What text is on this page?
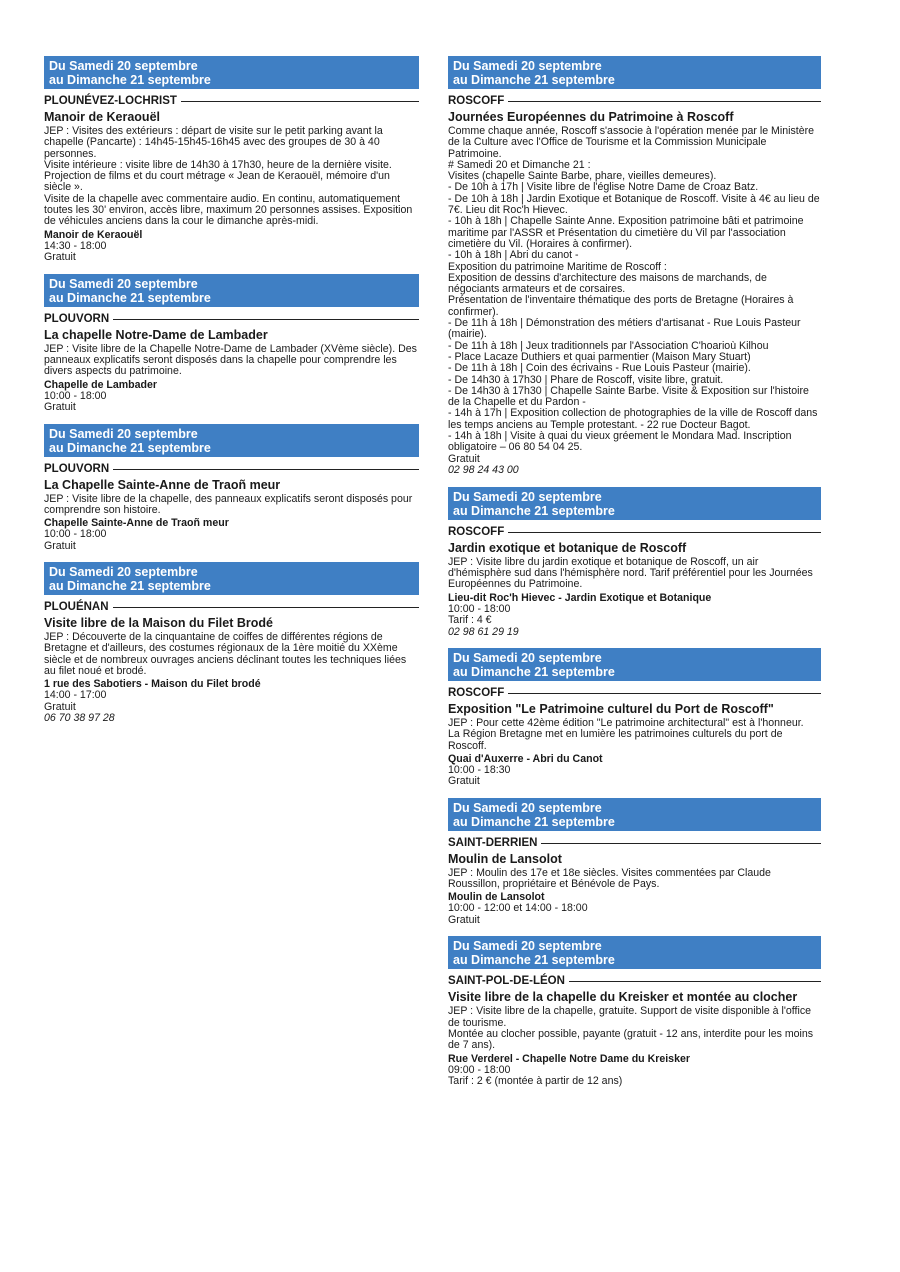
Du Samedi 20 septembre
au Dimanche 21 septembre
PLOUNÉVEZ-LOCHRIST
Manoir de Keraouël
JEP : Visites des extérieurs : départ de visite sur le petit parking avant la chapelle (Pancarte) : 14h45-15h45-16h45 avec des groupes de 30 à 40 personnes.
Visite intérieure : visite libre de 14h30 à 17h30, heure de la dernière visite.
Projection de films et du court métrage « Jean de Keraouël, mémoire d'un siècle ».
Visite de la chapelle avec commentaire audio. En continu, automatiquement toutes les 30' environ, accès libre, maximum 20 personnes assises. Exposition de véhicules anciens dans la cour le dimanche après-midi.
Manoir de Keraouël
14:30 - 18:00
Gratuit
Du Samedi 20 septembre
au Dimanche 21 septembre
PLOUVORN
La chapelle Notre-Dame de Lambader
JEP : Visite libre de la Chapelle Notre-Dame de Lambader (XVème siècle). Des panneaux explicatifs seront disposés dans la chapelle pour comprendre les divers aspects du patrimoine.
Chapelle de Lambader
10:00 - 18:00
Gratuit
Du Samedi 20 septembre
au Dimanche 21 septembre
PLOUVORN
La Chapelle Sainte-Anne de Traoñ meur
JEP : Visite libre de la chapelle, des panneaux explicatifs seront disposés pour comprendre son histoire.
Chapelle Sainte-Anne de Traoñ meur
10:00 - 18:00
Gratuit
Du Samedi 20 septembre
au Dimanche 21 septembre
PLOUÉNAN
Visite libre de la Maison du Filet Brodé
JEP : Découverte de la cinquantaine de coiffes de différentes régions de Bretagne et d'ailleurs, des costumes régionaux de la 1ère moitié du XXème siècle et de nombreux ouvrages anciens déclinant toutes les techniques liées au filet noué et brodé.
1 rue des Sabotiers - Maison du Filet brodé
14:00 - 17:00
Gratuit
06 70 38 97 28
Du Samedi 20 septembre
au Dimanche 21 septembre
ROSCOFF
Journées Européennes du Patrimoine à Roscoff
Comme chaque année, Roscoff s'associe à l'opération menée par le Ministère de la Culture avec l'Office de Tourisme et la Commission Municipale Patrimoine.
# Samedi 20 et Dimanche 21 :
Visites (chapelle Sainte Barbe, phare, vieilles demeures).
- De 10h à 17h | Visite libre de l'église Notre Dame de Croaz Batz.
- De 10h à 18h | Jardin Exotique et Botanique de Roscoff. Visite à 4€ au lieu de 7€. Lieu dit Roc'h Hievec.
- 10h à 18h | Chapelle Sainte Anne. Exposition patrimoine bâti et patrimoine maritime par l'ASSR et Présentation du cimetière du Vil par l'association cimetière du Vil. (Horaires à confirmer).
- 10h à 18h | Abri du canot -
Exposition du patrimoine Maritime de Roscoff :
Exposition de dessins d'architecture des maisons de marchands, de négociants armateurs et de corsaires.
Présentation de l'inventaire thématique des ports de Bretagne (Horaires à confirmer).
- De 11h à 18h | Démonstration des métiers d'artisanat - Rue Louis Pasteur (mairie).
- De 11h à 18h | Jeux traditionnels par l'Association C'hoarioù Kilhou
- Place Lacaze Duthiers et quai parmentier (Maison Mary Stuart)
- De 11h à 18h | Coin des écrivains - Rue Louis Pasteur (mairie).
- De 14h30 à 17h30 | Phare de Roscoff, visite libre, gratuit.
- De 14h30 à 17h30 | Chapelle Sainte Barbe. Visite & Exposition sur l'histoire de la Chapelle et du Pardon -
- 14h à 17h | Exposition collection de photographies de la ville de Roscoff dans les temps anciens au Temple protestant. - 22 rue Docteur Bagot.
- 14h à 18h | Visite à quai du vieux gréement le Mondara Mad. Inscription obligatoire – 06 80 54 04 25.
Gratuit
02 98 24 43 00
Du Samedi 20 septembre
au Dimanche 21 septembre
ROSCOFF
Jardin exotique et botanique de Roscoff
JEP : Visite libre du jardin exotique et botanique de Roscoff, un air d'hémisphère sud dans l'hémisphère nord. Tarif préférentiel pour les Journées Européennes du Patrimoine.
Lieu-dit Roc'h Hievec - Jardin Exotique et Botanique
10:00 - 18:00
Tarif : 4 €
02 98 61 29 19
Du Samedi 20 septembre
au Dimanche 21 septembre
ROSCOFF
Exposition "Le Patrimoine culturel du Port de Roscoff"
JEP : Pour cette 42ème édition "Le patrimoine architectural" est à l'honneur.
La Région Bretagne met en lumière les patrimoines culturels du port de Roscoff.
Quai d'Auxerre - Abri du Canot
10:00 - 18:30
Gratuit
Du Samedi 20 septembre
au Dimanche 21 septembre
SAINT-DERRIEN
Moulin de Lansolot
JEP : Moulin des 17e et 18e siècles. Visites commentées par Claude Roussillon, propriétaire et Bénévole de Pays.
Moulin de Lansolot
10:00 - 12:00 et 14:00 - 18:00
Gratuit
Du Samedi 20 septembre
au Dimanche 21 septembre
SAINT-POL-DE-LÉON
Visite libre de la chapelle du Kreisker et montée au clocher
JEP : Visite libre de la chapelle, gratuite. Support de visite disponible à l'office de tourisme.
Montée au clocher possible, payante (gratuit - 12 ans, interdite pour les moins de 7 ans).
Rue Verderel - Chapelle Notre Dame du Kreisker
09:00 - 18:00
Tarif : 2 € (montée à partir de 12 ans)
